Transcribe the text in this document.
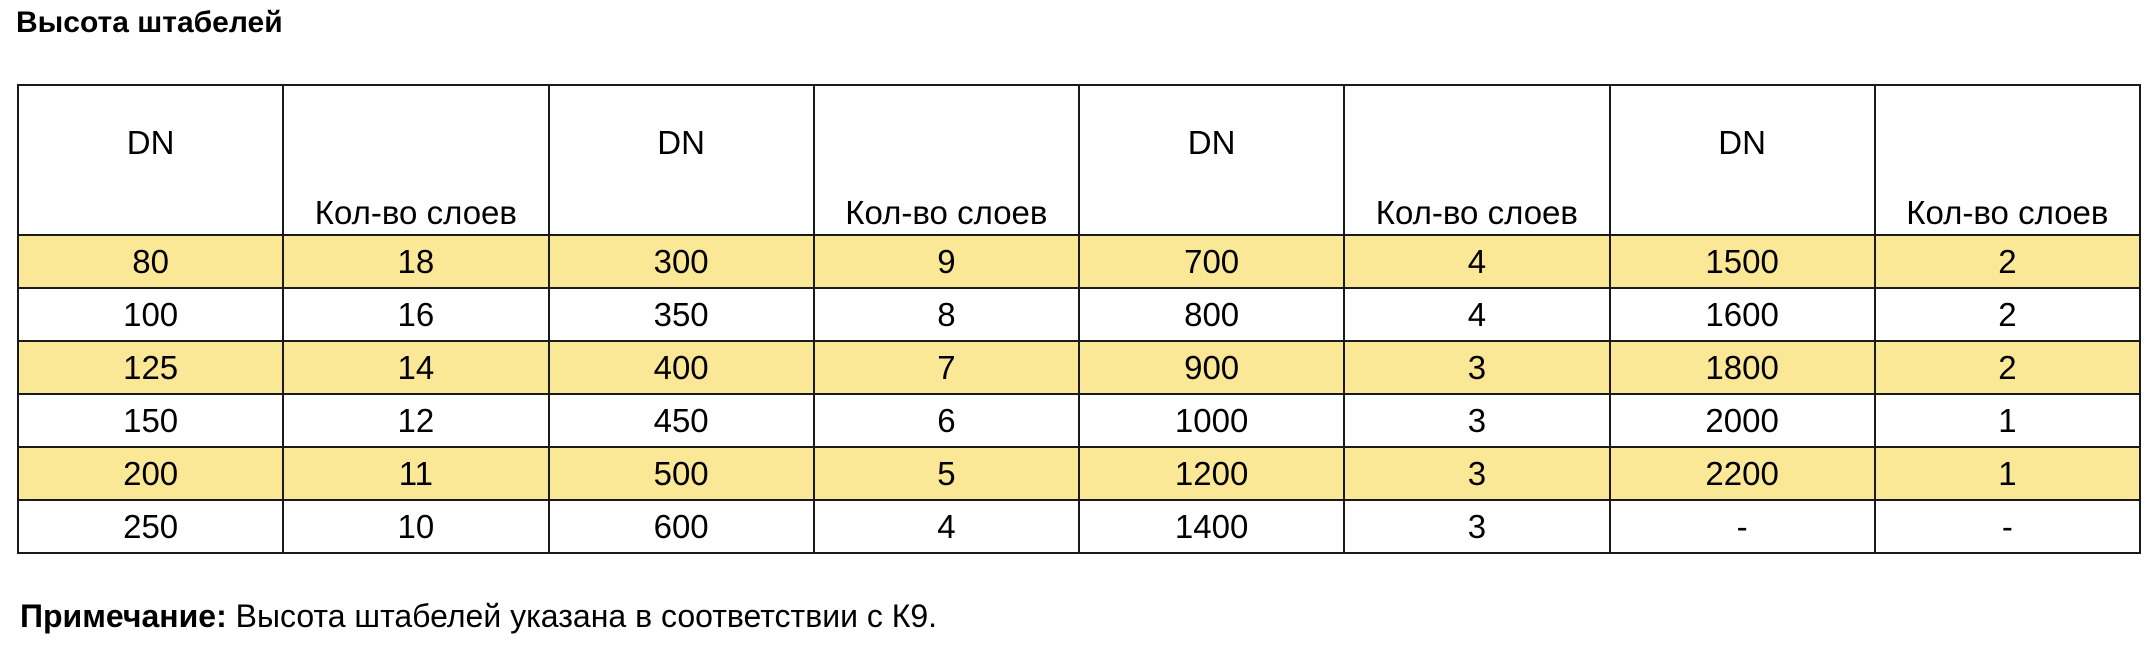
Высота штабелей
DN	Кол-во слоев	DN	Кол-во слоев	DN	Кол-во слоев	DN	Кол-во слоев
80	18	300	9	700	4	1500	2
100	16	350	8	800	4	1600	2
125	14	400	7	900	3	1800	2
150	12	450	6	1000	3	2000	1
200	11	500	5	1200	3	2200	1
250	10	600	4	1400	3	-	-

Примечание: Высота штабелей указана в соответствии с К9.
